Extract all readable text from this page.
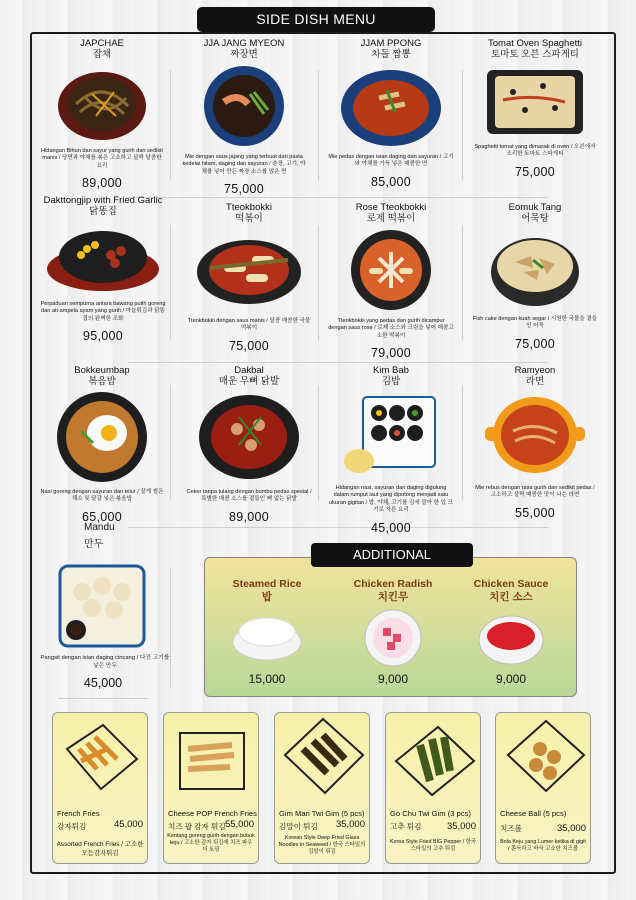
SIDE DISH MENU
JAPCHAE
잡채
Hidangan Bihun dan sayur yang gurih dan sedikit manis / 당면과 야채를 볶은 고소하고 살짝 달콤한 요리
89,000
JJA JANG MYEON
짜장면
Mie dengan saus jajang yang terbuat dari pasta kedelai hitam, daging dan sayuran / 춘장, 고기, 야채를 넣어 만든 짜장 소스를 얹은 면
75,000
JJAM PPONG
차돌 짬뽕
Mie pedas dengan isian daging dan sayuran / 고기와 야채를 가득 넣은 매콤한 면
85,000
Tomat Oven Spaghetti
토마토 오븐 스파게티
Spaghetti tomat yang dimasak di oven / 오븐에서 조리한 토마토 스파게티
75,000
Dakttongjip with Fried Garlic
닭똥집
Perpaduan sempurna antara bawang putih goreng dan ati-ampela ayam yang gurih / 마늘튀김과 닭똥집의 완벽한 조화
95,000
Tteokbokki
떡볶이
Tteokbokki dengan saus manis / 달콤 매콤한 국물 떡볶이
75,000
Rose Tteokbokki
로제 떡볶이
Tteokbokki yang pedas dan gurih dicampur dengan saus rose / 로제 소스와 크림을 넣어 매콤고소한 떡볶이
79,000
Eomuk Tang
어묵탕
Fish cake dengan kuah segar / 시원한 국물을 곁들인 어묵
75,000
Bokkeumbap
볶음밥
Nasi goreng dengan sayuran dan telur / 잘게 썰은 채소 및 달걀 넣은 볶음밥
65,000
Dakbal
매운 무뼈 닭발
Ceker tanpa tulang dengan bumbu pedas spesial / 특별한 매콤 소스를 곁들인 뼈 없는 닭발
89,000
Kim Bab
김밥
Hidangan nasi, sayuran dan daging digulung dalam rumput laut yang dipotong menjadi satu ukuran gigitan / 밥, 야채, 고기를 김에 말아 한 입 크기로 자른 요리
45,000
Ramyeon
라면
Mie rebus dengan rasa gurih dan sedikit pedas / 고소하고 살짝 매콤한 맛이 나는 라면
55,000
Mandu
만두
Pangsit dengan isian daging cincang / 다진 고기를 넣은 만두
45,000
ADDITIONAL
Steamed Rice
밥
15,000
Chicken Radish
치킨무
9,000
Chicken Sauce
치킨 소스
9,000
French Fries
감자튀김	45,000
Assorted French Fries / 고소한 모듬감자튀김
Cheese POP French Fries
치즈 팝 감자 튀김 55,000
Kentang goreng gurih dengan bubuk keju / 고소한 감자 튀김에 치즈 파우더 토핑
Gim Mari Twi Gim (5 pcs)
김말이 튀김 35,000
Korean Style Deep Fried Glass Noodles in Seaweed / 한국 스타일의 김말이 튀김
Go Chu Twi Gim (3 pcs)
고추 튀김	35,000
Korea Style Fried BIG Pepper / 한국 스타일의 고추 튀김
Cheese Ball (5 pcs)
치즈볼	35,000
Bola Keju yang Lumer ketika di gigit / 쫀득하고 바삭 고소한 치즈볼
